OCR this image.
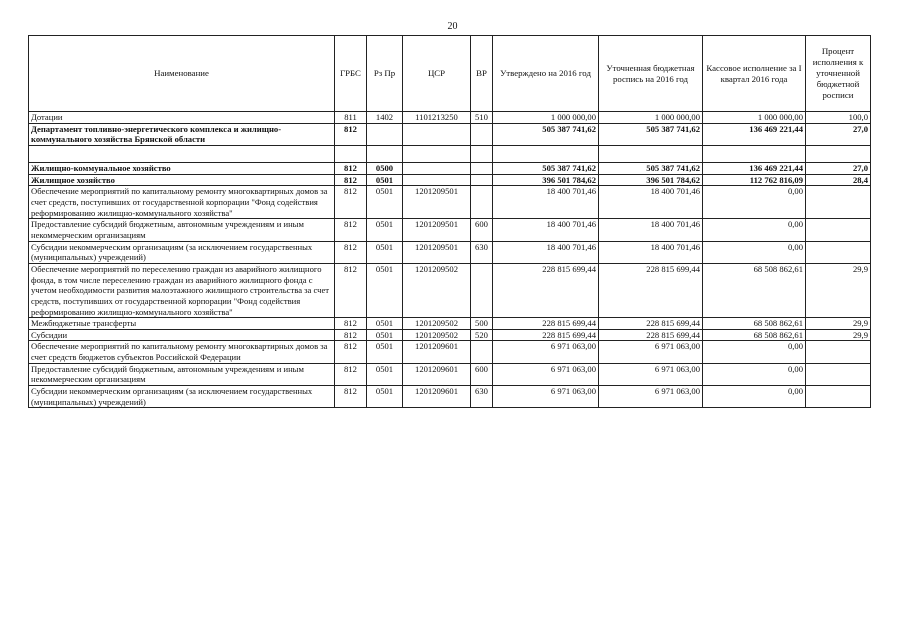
20
Наименование	ГРБС	Рз Пр	ЦСР	ВР	Утверждено на 2016 год	Уточненная бюджетная роспись на 2016 год	Кассовое исполнение за I квартал 2016 года	Процент исполнения к уточненной бюджетной росписи
Дотации	811	1402	1101213250	510	1 000 000,00	1 000 000,00	1 000 000,00	100,0
Департамент топливно-энергетического комплекса и жилищно-коммунального хозяйства Брянской области	812				505 387 741,62	505 387 741,62	136 469 221,44	27,0

Жилищно-коммунальное хозяйство	812	0500			505 387 741,62	505 387 741,62	136 469 221,44	27,0
Жилищное хозяйство	812	0501			396 501 784,62	396 501 784,62	112 762 816,09	28,4
Обеспечение мероприятий по капитальному ремонту многоквартирных домов за счет средств, поступивших от государственной корпорации "Фонд содействия реформированию жилищно-коммунального хозяйства"	812	0501	1201209501		18 400 701,46	18 400 701,46	0,00	
Предоставление субсидий бюджетным, автономным учреждениям и иным некоммерческим организациям	812	0501	1201209501	600	18 400 701,46	18 400 701,46	0,00	
Субсидии некоммерческим организациям (за исключением государственных (муниципальных) учреждений)	812	0501	1201209501	630	18 400 701,46	18 400 701,46	0,00	
Обеспечение мероприятий по переселению граждан из аварийного жилищного фонда, в том числе переселению граждан из аварийного жилищного фонда с учетом необходимости развития малоэтажного жилищного строительства за счет средств, поступивших от государственной корпорации "Фонд содействия реформированию жилищно-коммунального хозяйства"	812	0501	1201209502		228 815 699,44	228 815 699,44	68 508 862,61	29,9
Межбюджетные трансферты	812	0501	1201209502	500	228 815 699,44	228 815 699,44	68 508 862,61	29,9
Субсидии	812	0501	1201209502	520	228 815 699,44	228 815 699,44	68 508 862,61	29,9
Обеспечение мероприятий по капитальному ремонту многоквартирных домов за счет средств бюджетов субъектов Российской Федерации	812	0501	1201209601		6 971 063,00	6 971 063,00	0,00	
Предоставление субсидий бюджетным, автономным учреждениям и иным некоммерческим организациям	812	0501	1201209601	600	6 971 063,00	6 971 063,00	0,00	
Субсидии некоммерческим организациям (за исключением государственных (муниципальных) учреждений)	812	0501	1201209601	630	6 971 063,00	6 971 063,00	0,00	
